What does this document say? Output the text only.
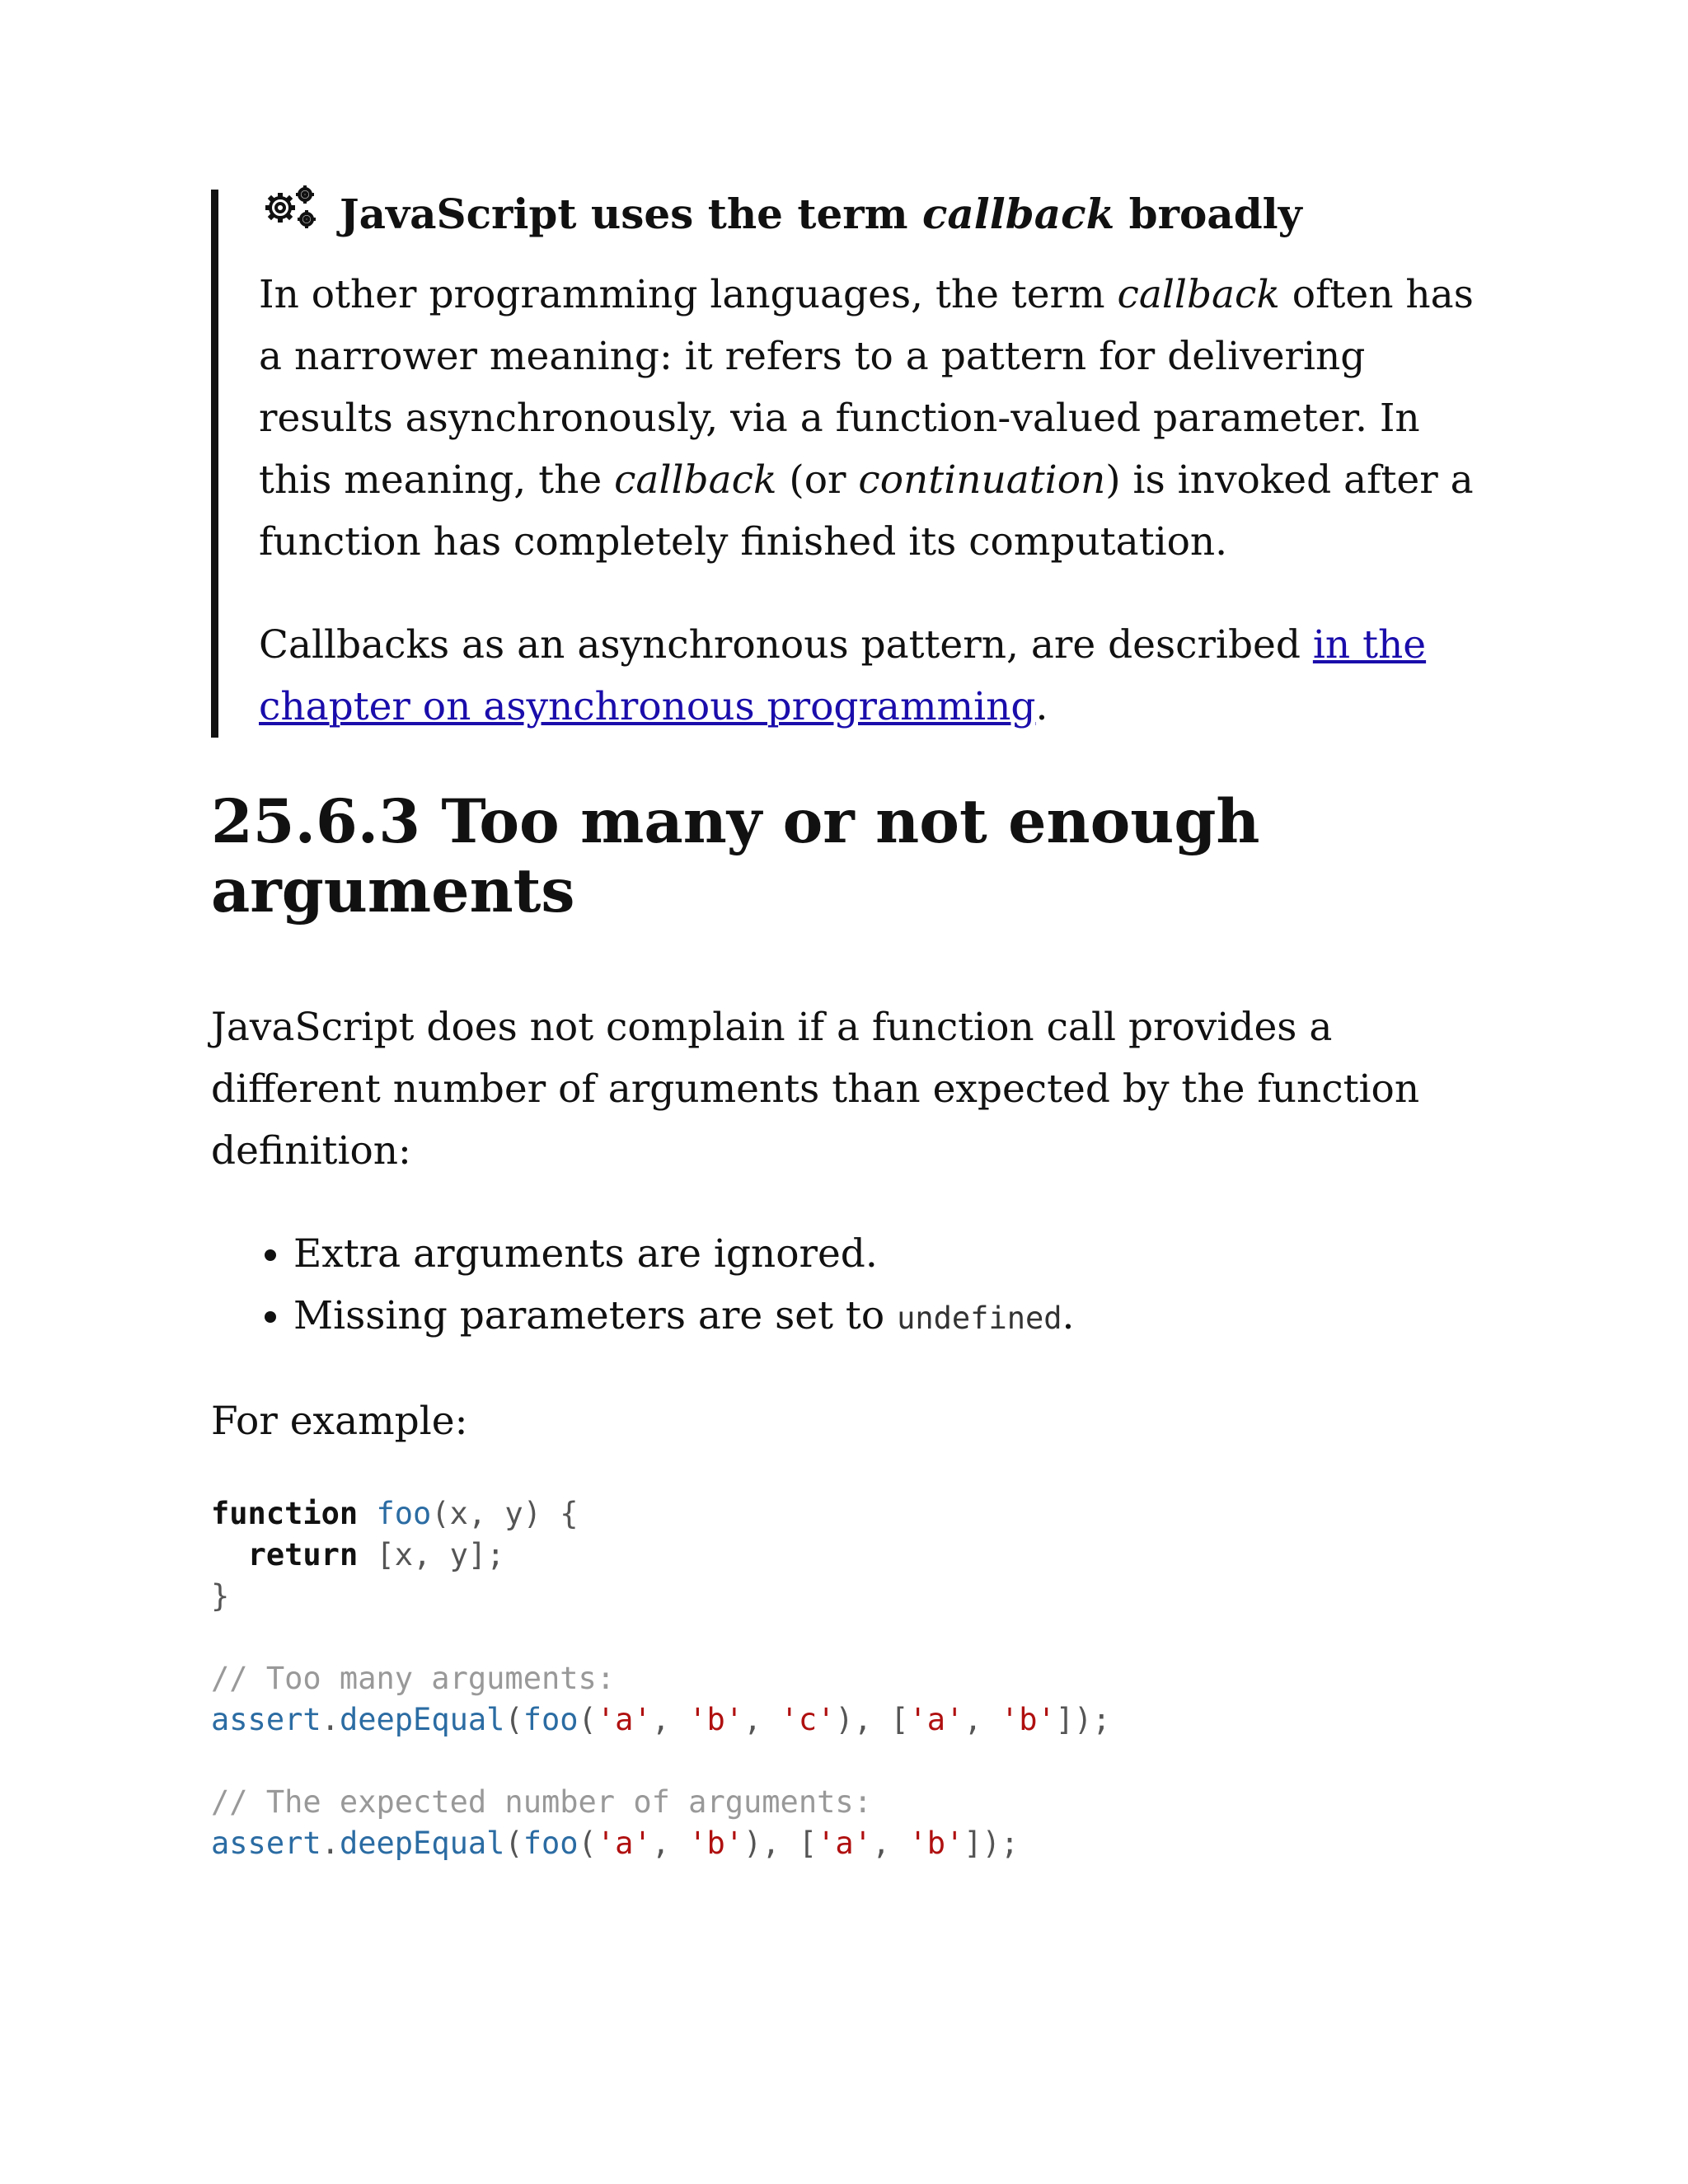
JavaScript uses the term callback broadly

In other programming languages, the term callback often has a narrower meaning: it refers to a pattern for delivering results asynchronously, via a function-valued parameter. In this meaning, the callback (or continuation) is invoked after a function has completely finished its computation.

Callbacks as an asynchronous pattern, are described in the chapter on asynchronous programming.

25.6.3 Too many or not enough arguments

JavaScript does not complain if a function call provides a different number of arguments than expected by the function definition:

• Extra arguments are ignored.
• Missing parameters are set to undefined.

For example:

function foo(x, y) {
return [x, y];
}

// Too many arguments:
assert.deepEqual(foo('a', 'b', 'c'), ['a', 'b']);

// The expected number of arguments:
assert.deepEqual(foo('a', 'b'), ['a', 'b']);
